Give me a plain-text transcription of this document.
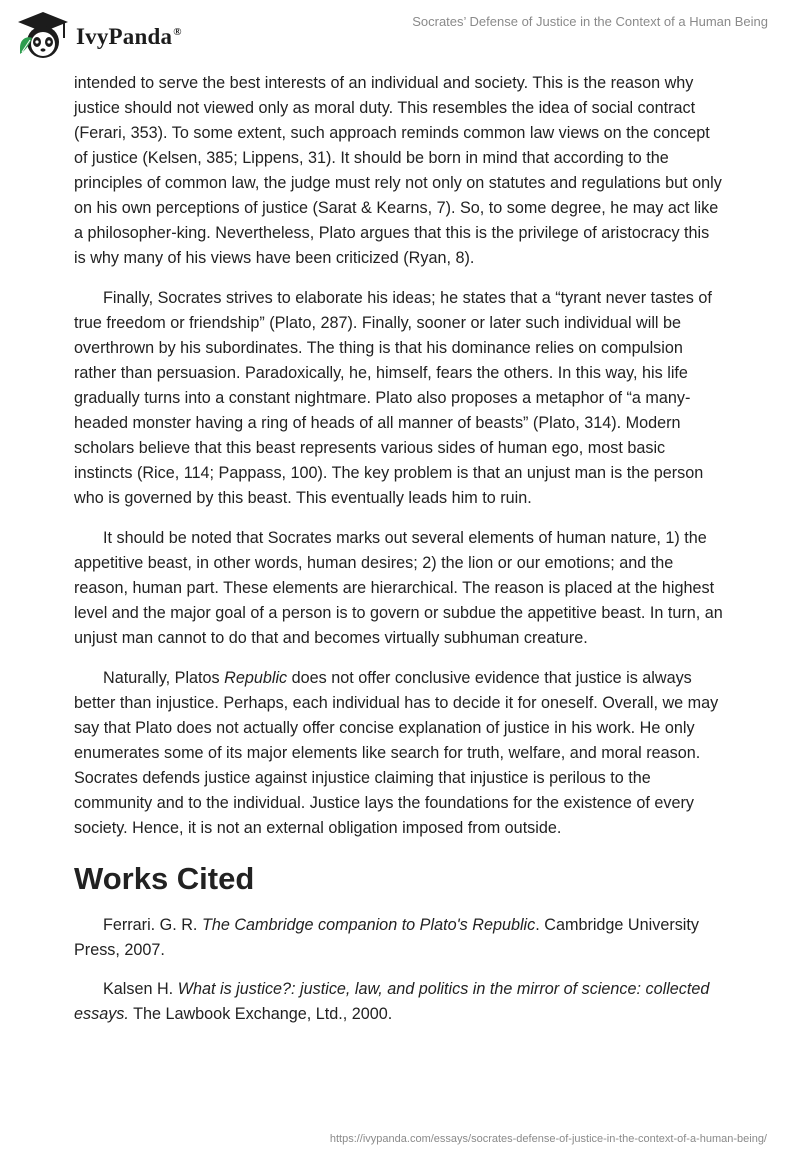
IvyPanda®
Socrates’ Defense of Justice in the Context of a Human Being

intended to serve the best interests of an individual and society. This is the reason why justice should not viewed only as moral duty. This resembles the idea of social contract (Ferari, 353). To some extent, such approach reminds common law views on the concept of justice (Kelsen, 385; Lippens, 31). It should be born in mind that according to the principles of common law, the judge must rely not only on statutes and regulations but only on his own perceptions of justice (Sarat & Kearns, 7). So, to some degree, he may act like a philosopher-king. Nevertheless, Plato argues that this is the privilege of aristocracy this is why many of his views have been criticized (Ryan, 8).

Finally, Socrates strives to elaborate his ideas; he states that a “tyrant never tastes of true freedom or friendship” (Plato, 287). Finally, sooner or later such individual will be overthrown by his subordinates. The thing is that his dominance relies on compulsion rather than persuasion. Paradoxically, he, himself, fears the others. In this way, his life gradually turns into a constant nightmare. Plato also proposes a metaphor of “a many-headed monster having a ring of heads of all manner of beasts” (Plato, 314). Modern scholars believe that this beast represents various sides of human ego, most basic instincts (Rice, 114; Pappass, 100). The key problem is that an unjust man is the person who is governed by this beast. This eventually leads him to ruin.

It should be noted that Socrates marks out several elements of human nature, 1) the appetitive beast, in other words, human desires; 2) the lion or our emotions; and the reason, human part. These elements are hierarchical. The reason is placed at the highest level and the major goal of a person is to govern or subdue the appetitive beast. In turn, an unjust man cannot to do that and becomes virtually subhuman creature.

Naturally, Platos Republic does not offer conclusive evidence that justice is always better than injustice. Perhaps, each individual has to decide it for oneself. Overall, we may say that Plato does not actually offer concise explanation of justice in his work. He only enumerates some of its major elements like search for truth, welfare, and moral reason. Socrates defends justice against injustice claiming that injustice is perilous to the community and to the individual. Justice lays the foundations for the existence of every society. Hence, it is not an external obligation imposed from outside.

Works Cited

Ferrari. G. R. The Cambridge companion to Plato's Republic. Cambridge University Press, 2007.

Kalsen H. What is justice?: justice, law, and politics in the mirror of science: collected essays. The Lawbook Exchange, Ltd., 2000.

https://ivypanda.com/essays/socrates-defense-of-justice-in-the-context-of-a-human-being/
